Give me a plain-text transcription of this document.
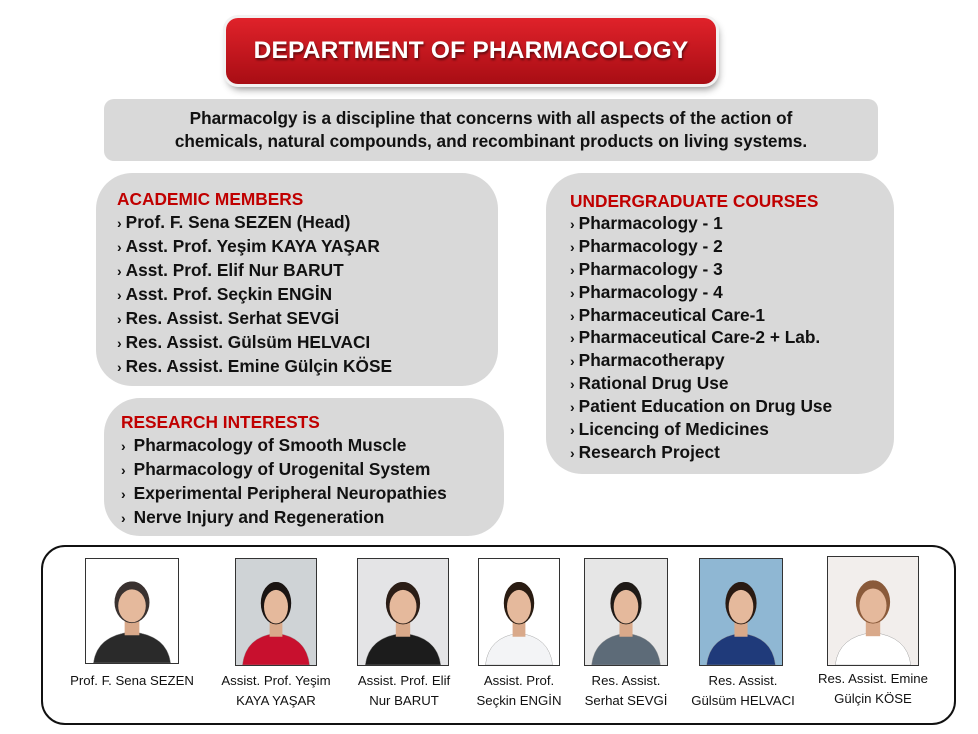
DEPARTMENT OF PHARMACOLOGY
Pharmacolgy is a discipline that concerns with all aspects of the action of
chemicals, natural compounds, and recombinant products on living systems.
ACADEMIC MEMBERS
› Prof. F. Sena SEZEN (Head)
› Asst. Prof. Yeşim KAYA YAŞAR
› Asst. Prof. Elif Nur BARUT
› Asst. Prof. Seçkin ENGİN
› Res. Assist. Serhat SEVGİ
› Res. Assist. Gülsüm HELVACI
› Res. Assist. Emine Gülçin KÖSE
RESEARCH INTERESTS
› Pharmacology of Smooth Muscle
› Pharmacology of Urogenital System
› Experimental Peripheral Neuropathies
› Nerve Injury and Regeneration
UNDERGRADUATE COURSES
› Pharmacology - 1
› Pharmacology - 2
› Pharmacology - 3
› Pharmacology - 4
› Pharmaceutical Care-1
› Pharmaceutical Care-2 + Lab.
› Pharmacotherapy
› Rational Drug Use
› Patient Education on Drug Use
› Licencing of Medicines
› Research Project
Prof. F. Sena SEZEN	Assist. Prof. Yeşim
KAYA YAŞAR
Assist. Prof. Elif
Nur BARUT
Assist. Prof.
Seçkin ENGİN
Res. Assist.
Serhat SEVGİ
Res. Assist.
Gülsüm HELVACI
Res. Assist. Emine
Gülçin KÖSE
